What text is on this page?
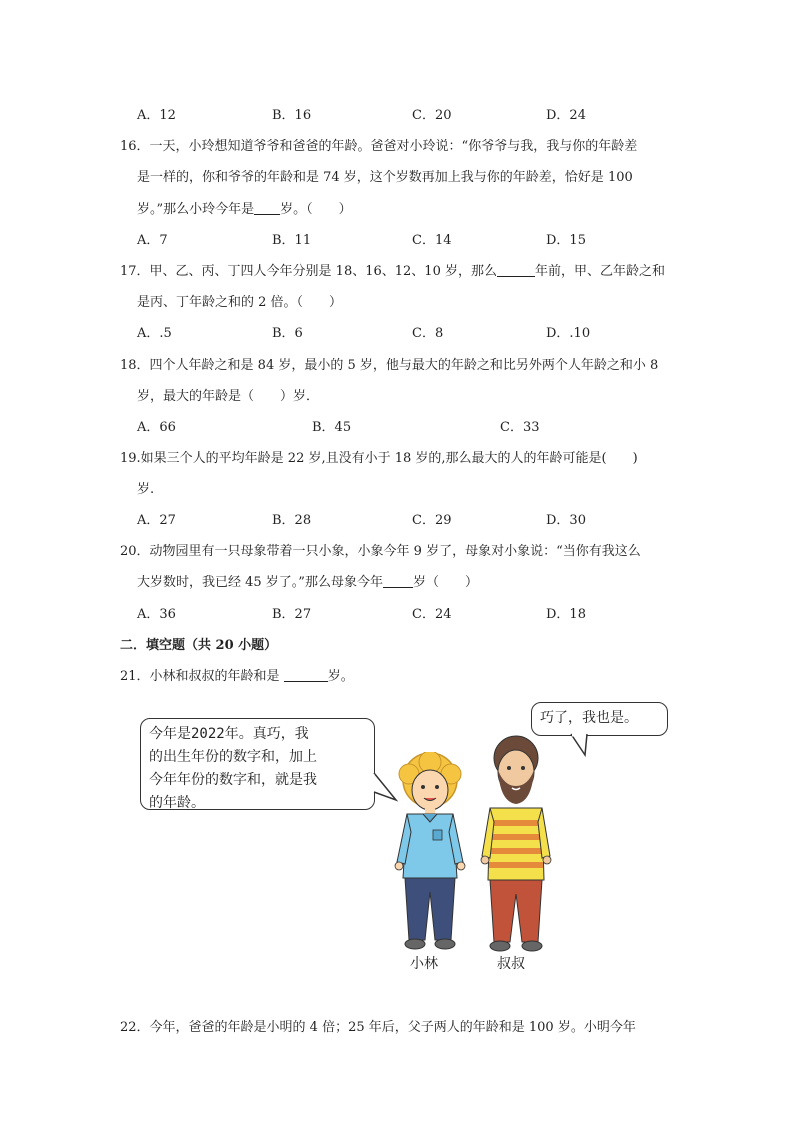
A．12	B．16	C．20	D．24
16．一天，小玲想知道爷爷和爸爸的年龄。爸爸对小玲说：“你爷爷与我，我与你的年龄差
是一样的，你和爷爷的年龄和是 74 岁，这个岁数再加上我与你的年龄差，恰好是 100
岁。”那么小玲今年是 岁。（　　）
A．7	B．11	C．14	D．15
17．甲、乙、丙、丁四人今年分别是 18、16、12、10 岁，那么	年前，甲、乙年龄之和
是丙、丁年龄之和的 2 倍。（　　）
A．.5	B．6	C．8	D．.10
18．四个人年龄之和是 84 岁，最小的 5 岁，他与最大的年龄之和比另外两个人年龄之和小 8
岁，最大的年龄是（　　）岁．
A．66	B．45	C．33
19.如果三个人的平均年龄是 22 岁,且没有小于 18 岁的,那么最大的人的年龄可能是(　　)
岁.
A．27	B．28	C．29	D．30
20．动物园里有一只母象带着一只小象，小象今年 9 岁了，母象对小象说：“当你有我这么
大岁数时，我已经 45 岁了。”那么母象今年 岁（　　）
A．36	B．27	C．24	D．18
二．填空题（共 20 小题）
21．小林和叔叔的年龄和是	岁。
今年是2022年。真巧，我
的出生年份的数字和，加上
今年年份的数字和，就是我
的年龄。
巧了，我也是。
小林	叔叔
22．今年，爸爸的年龄是小明的 4 倍；25 年后，父子两人的年龄和是 100 岁。小明今年
